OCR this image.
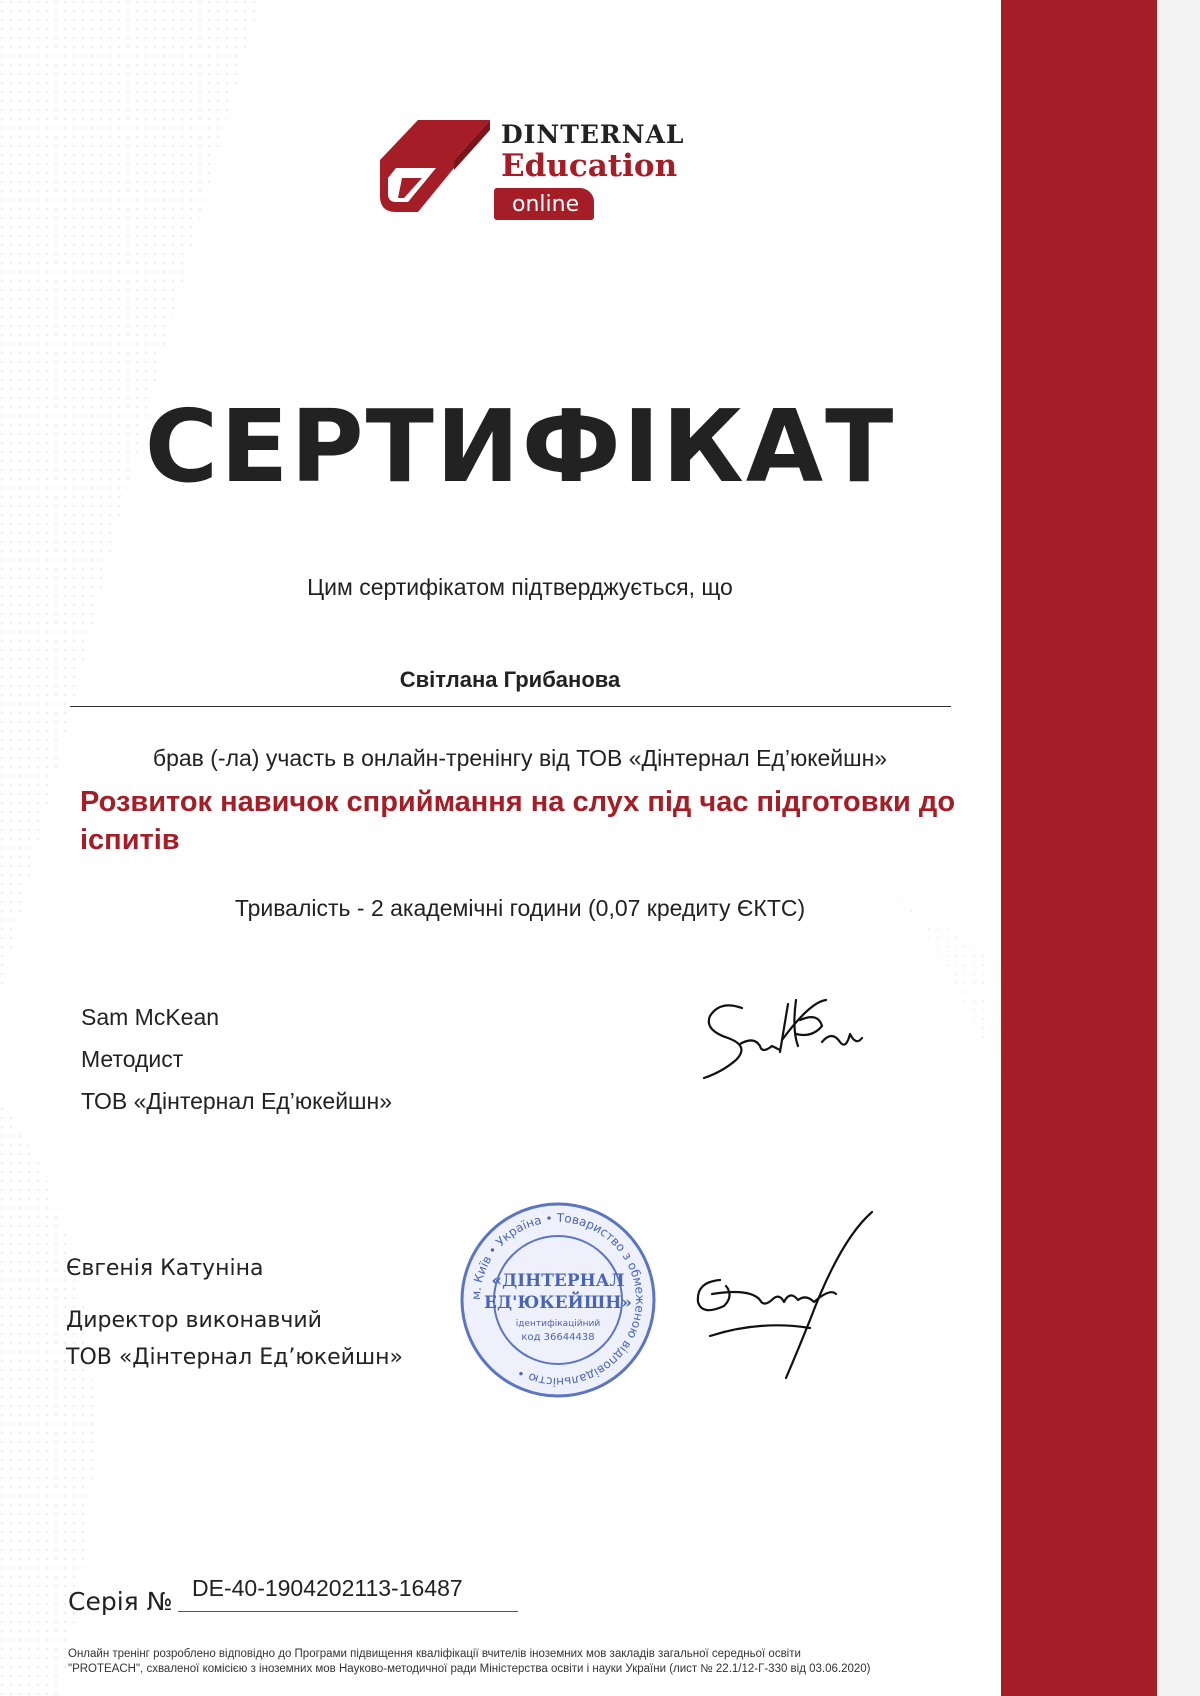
DINTERNAL
Education
online
СЕРТИФІКАТ
Цим сертифікатом підтверджується, що
Світлана Грибанова
брав (-ла) участь в онлайн-тренінгу від ТОВ «Дінтернал Ед’юкейшн»
Розвиток навичок сприймання на слух під час підготовки до іспитів
Тривалість - 2 академічні години (0,07 кредиту ЄКТС)
Sam McKean
Методист
ТОВ «Дінтернал Ед’юкейшн»
Євгенія Катуніна
Директор виконавчий
ТОВ «Дінтернал Ед’юкейшн»
м. Київ • Україна • Товариство з обмеженою відповідальністю •
«ДІНТЕРНАЛ
ЕД'ЮКЕЙШН»
ідентифікаційний
код 36644438
Серія № DE-40-1904202113-16487
Онлайн тренінг розроблено відповідно до Програми підвищення кваліфікації вчителів іноземних мов закладів загальної середньої освіти
"PROTEACH", схваленої комісією з іноземних мов Науково-методичної ради Міністерства освіти і науки України (лист № 22.1/12-Г-330 від 03.06.2020)
